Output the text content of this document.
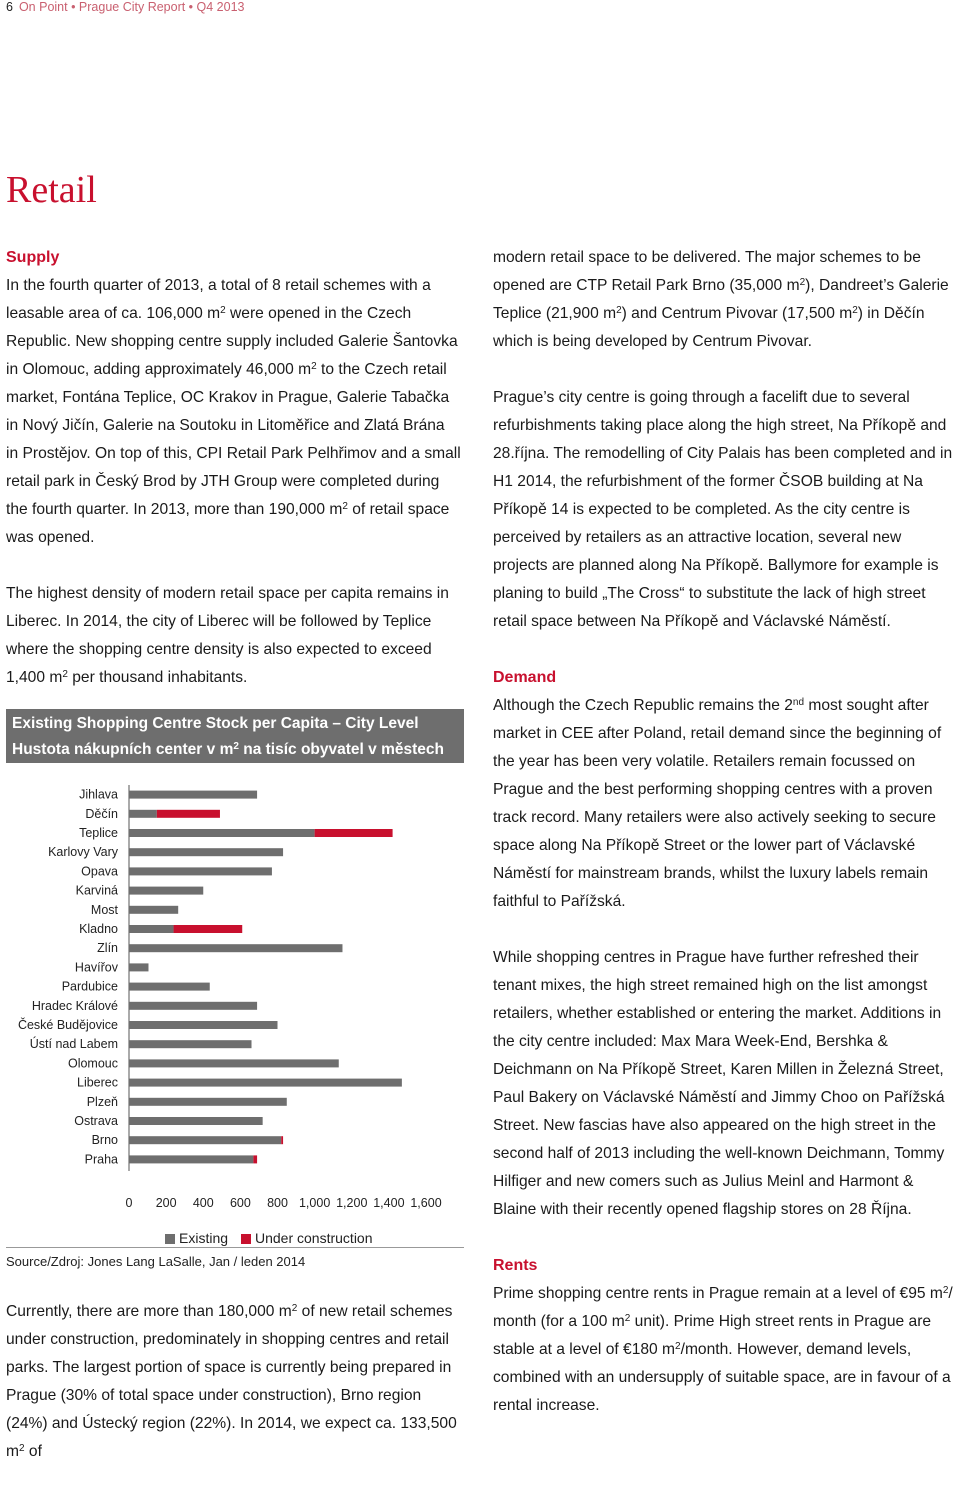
6 On Point • Prague City Report • Q4 2013
Retail
Supply

In the fourth quarter of 2013, a total of 8 retail schemes with a leasable area of ca. 106,000 $m^2$ were opened in the Czech Republic. New shopping centre supply included Galerie Šantovka in Olomouc, adding approximately 46,000 $m^2$ to the Czech retail market, Fontána Teplice, OC Krakov in Prague, Galerie Tabačka in Nový Jičín, Galerie na Soutoku in Litoměřice and Zlatá Brána in Prostějov. On top of this, CPI Retail Park Pelhřimov and a small retail park in Český Brod by JTH Group were completed during the fourth quarter. In 2013, more than 190,000 $m^2$ of retail space was opened.

The highest density of modern retail space per capita remains in Liberec. In 2014, the city of Liberec will be followed by Teplice where the shopping centre density is also expected to exceed 1,400 $m^2$ per thousand inhabitants.

Existing Shopping Centre Stock per Capita – City Level
Hustota nákupních center v $m^2$ na tisíc obyvatel v městech ČR
Jihlava
Děčín
Teplice
Karlovy Vary
Opava
Karviná
Most
Kladno
Zlín
Havířov
Pardubice
Hradec Králové
České Budějovice
Ústí nad Labem
Olomouc
Liberec
Plzeň
Ostrava
Brno
Praha
0 200 400 600 800 1,000 1,200 1,400 1,600
Existing Under construction
Source/Zdroj: Jones Lang LaSalle, Jan / leden 2014

Currently, there are more than 180,000 $m^2$ of new retail schemes under construction, predominately in shopping centres and retail parks. The largest portion of space is currently being prepared in Prague (30% of total space under construction), Brno region (24%) and Ústecký region (22%). In 2014, we expect ca. 133,500 $m^2$ of

modern retail space to be delivered. The major schemes to be opened are CTP Retail Park Brno (35,000 $m^2$), Dandreet’s Galerie Teplice (21,900 $m^2$) and Centrum Pivovar (17,500 $m^2$) in Děčín which is being developed by Centrum Pivovar.

Prague’s city centre is going through a facelift due to several refurbishments taking place along the high street, Na Příkopě and 28.října. The remodelling of City Palais has been completed and in H1 2014, the refurbishment of the former ČSOB building at Na Příkopě 14 is expected to be completed. As the city centre is perceived by retailers as an attractive location, several new projects are planned along Na Příkopě. Ballymore for example is planing to build „The Cross“ to substitute the lack of high street retail space between Na Příkopě and Václavské Náměstí.

Demand

Although the Czech Republic remains the 2nd most sought after market in CEE after Poland, retail demand since the beginning of the year has been very volatile. Retailers remain focussed on Prague and the best performing shopping centres with a proven track record. Many retailers were also actively seeking to secure space along Na Příkopě Street or the lower part of Václavské Náměstí for mainstream brands, whilst the luxury labels remain faithful to Pařížská.

While shopping centres in Prague have further refreshed their tenant mixes, the high street remained high on the list amongst retailers, whether established or entering the market. Additions in the city centre included: Max Mara Week-End, Bershka & Deichmann on Na Příkopě Street, Karen Millen in Železná Street, Paul Bakery on Václavské Náměstí and Jimmy Choo on Pařížská Street. New fascias have also appeared on the high street in the second half of 2013 including the well-known Deichmann, Tommy Hilfiger and new comers such as Julius Meinl and Harmont & Blaine with their recently opened flagship stores on 28 Října.

Rents

Prime shopping centre rents in Prague remain at a level of €95 $m^2/$ month (for a 100 $m^2$ unit). Prime High street rents in Prague are stable at a level of €180 $m^2$/month. However, demand levels, combined with an undersupply of suitable space, are in favour of a rental increase.
